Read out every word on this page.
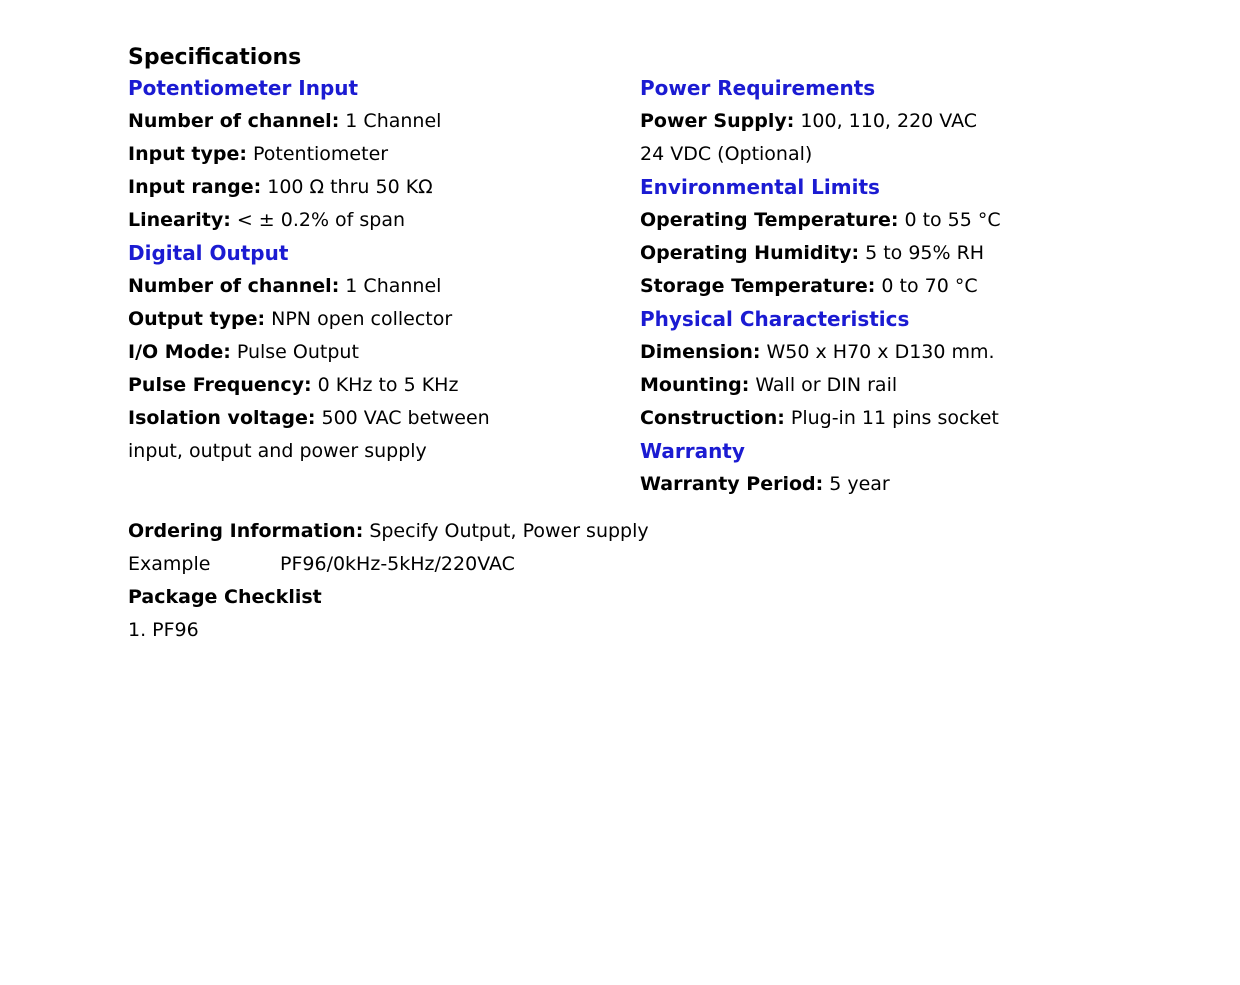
Specifications
Potentiometer Input
Number of channel: 1 Channel
Input type: Potentiometer
Input range: 100 Ω thru 50 KΩ
Linearity: < ± 0.2% of span
Digital Output
Number of channel: 1 Channel
Output type: NPN open collector
I/O Mode: Pulse Output
Pulse Frequency: 0 KHz to 5 KHz
Isolation voltage: 500 VAC between
input, output and power supply
Power Requirements
Power Supply: 100, 110, 220 VAC
24 VDC (Optional)
Environmental Limits
Operating Temperature: 0 to 55 °C
Operating Humidity: 5 to 95% RH
Storage Temperature: 0 to 70 °C
Physical Characteristics
Dimension: W50 x H70 x D130 mm.
Mounting: Wall or DIN rail
Construction: Plug-in 11 pins socket
Warranty
Warranty Period: 5 year
Ordering Information: Specify Output, Power supply
Example	PF96/0kHz-5kHz/220VAC
Package Checklist
1. PF96
